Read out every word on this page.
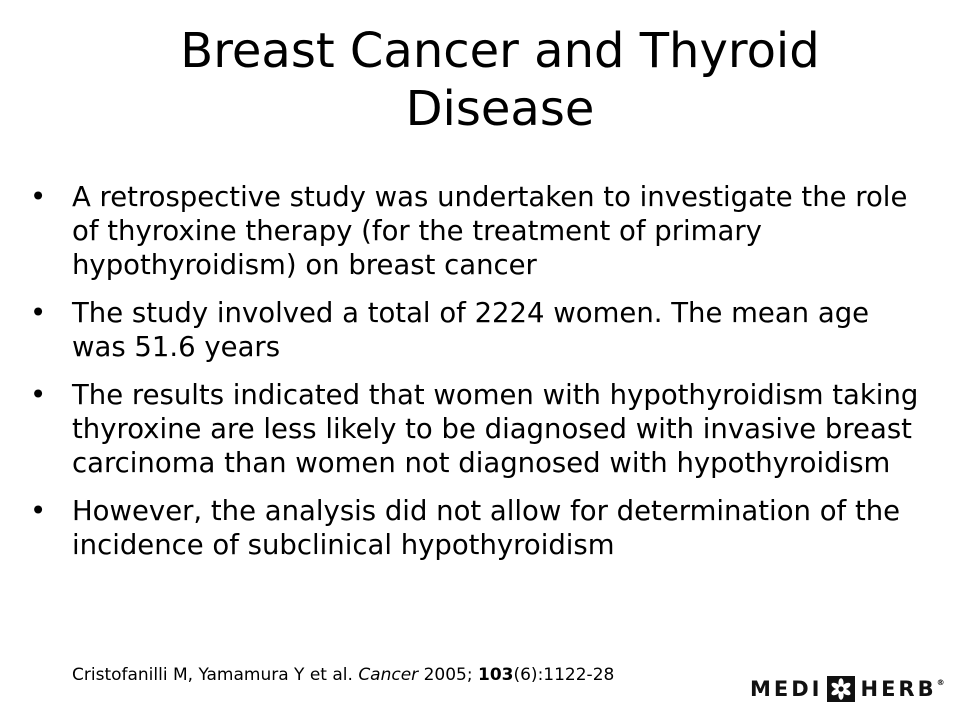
Breast Cancer and Thyroid Disease
• A retrospective study was undertaken to investigate the role of thyroxine therapy (for the treatment of primary hypothyroidism) on breast cancer
• The study involved a total of 2224 women. The mean age was 51.6 years
• The results indicated that women with hypothyroidism taking thyroxine are less likely to be diagnosed with invasive breast carcinoma than women not diagnosed with hypothyroidism
• However, the analysis did not allow for determination of the incidence of subclinical hypothyroidism
Cristofanilli M, Yamamura Y et al. Cancer 2005; 103(6):1122-28
MEDI HERB ®
